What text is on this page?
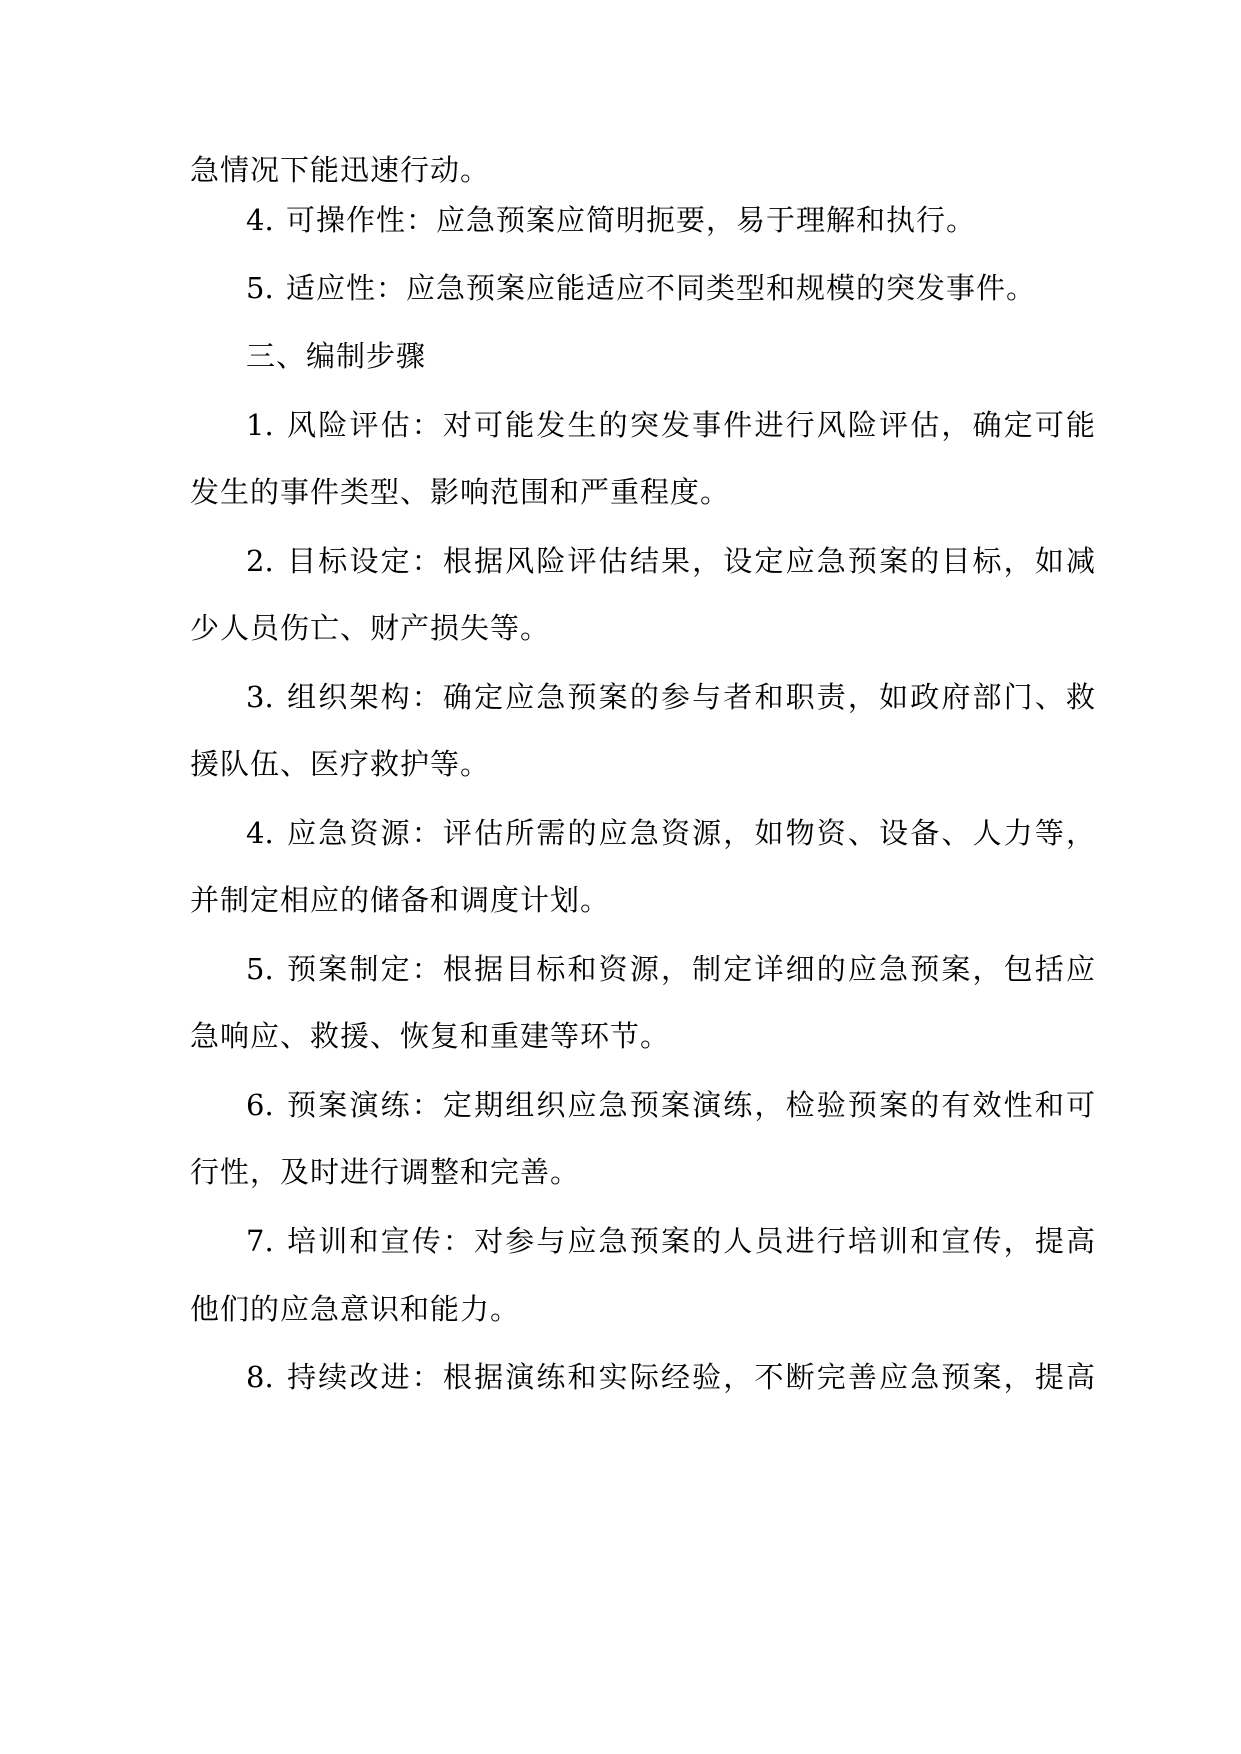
急情况下能迅速行动。
4. 可操作性：应急预案应简明扼要，易于理解和执行。
5. 适应性：应急预案应能适应不同类型和规模的突发事件。
三、编制步骤
1. 风险评估：对可能发生的突发事件进行风险评估，确定可能
发生的事件类型、影响范围和严重程度。
2. 目标设定：根据风险评估结果，设定应急预案的目标，如减
少人员伤亡、财产损失等。
3. 组织架构：确定应急预案的参与者和职责，如政府部门、救
援队伍、医疗救护等。
4. 应急资源：评估所需的应急资源，如物资、设备、人力等，
并制定相应的储备和调度计划。
5. 预案制定：根据目标和资源，制定详细的应急预案，包括应
急响应、救援、恢复和重建等环节。
6. 预案演练：定期组织应急预案演练，检验预案的有效性和可
行性，及时进行调整和完善。
7. 培训和宣传：对参与应急预案的人员进行培训和宣传，提高
他们的应急意识和能力。
8. 持续改进：根据演练和实际经验，不断完善应急预案，提高
